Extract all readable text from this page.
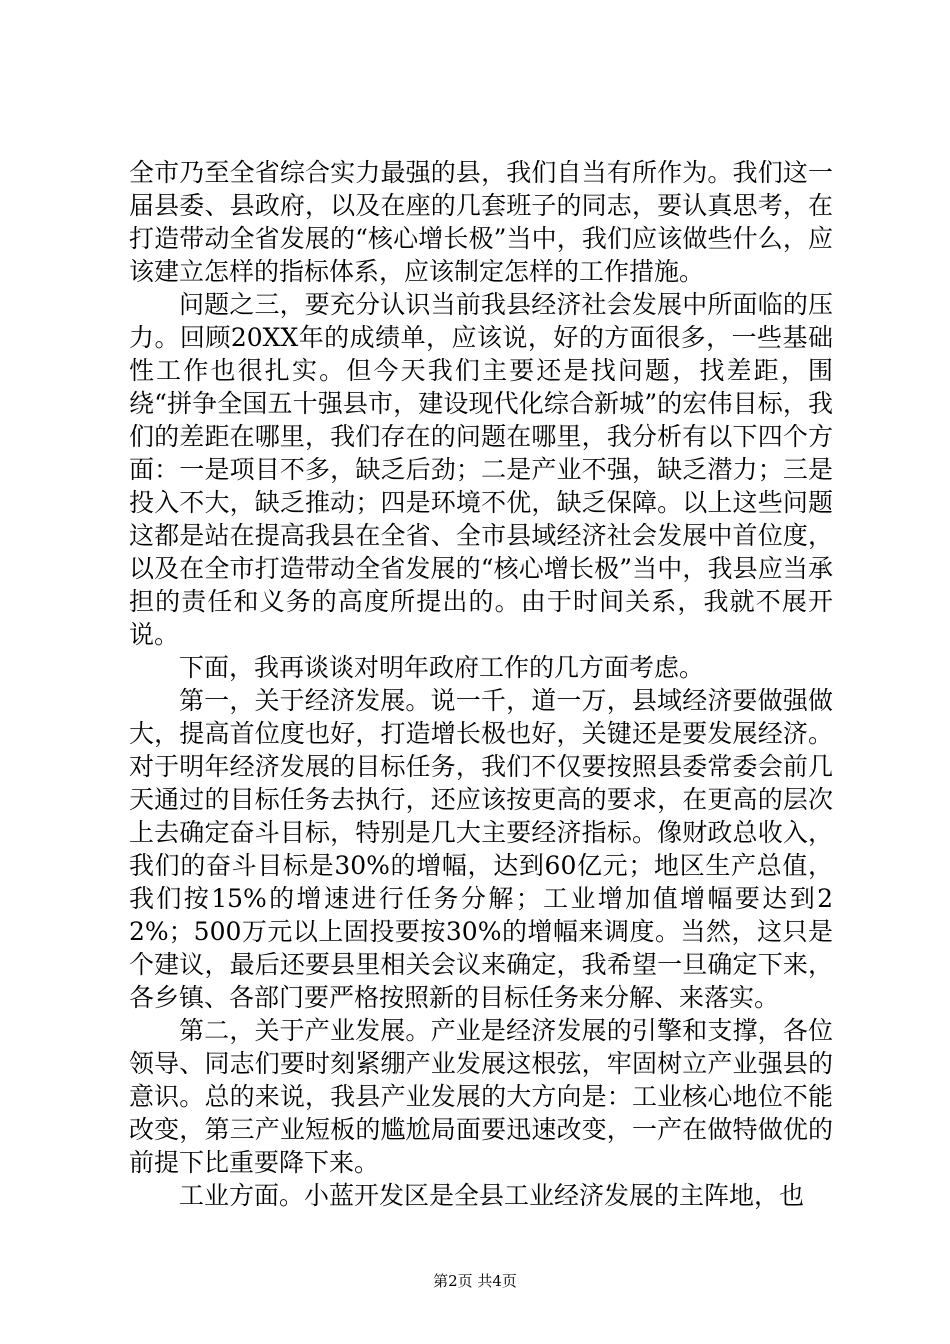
全市乃至全省综合实力最强的县，我们自当有所作为。我们这一届县委、县政府，以及在座的几套班子的同志，要认真思考，在打造带动全省发展的“核心增长极”当中，我们应该做些什么，应该建立怎样的指标体系，应该制定怎样的工作措施。

问题之三，要充分认识当前我县经济社会发展中所面临的压力。回顾20XX年的成绩单，应该说，好的方面很多，一些基础性工作也很扎实。但今天我们主要还是找问题，找差距，围绕“拼争全国五十强县市，建设现代化综合新城”的宏伟目标，我们的差距在哪里，我们存在的问题在哪里，我分析有以下四个方面：一是项目不多，缺乏后劲；二是产业不强，缺乏潜力；三是投入不大，缺乏推动；四是环境不优，缺乏保障。以上这些问题这都是站在提高我县在全省、全市县域经济社会发展中首位度，以及在全市打造带动全省发展的“核心增长极”当中，我县应当承担的责任和义务的高度所提出的。由于时间关系，我就不展开说。

下面，我再谈谈对明年政府工作的几方面考虑。

第一，关于经济发展。说一千，道一万，县域经济要做强做大，提高首位度也好，打造增长极也好，关键还是要发展经济。对于明年经济发展的目标任务，我们不仅要按照县委常委会前几天通过的目标任务去执行，还应该按更高的要求，在更高的层次上去确定奋斗目标，特别是几大主要经济指标。像财政总收入，我们的奋斗目标是30%的增幅，达到60亿元；地区生产总值，我们按15%的增速进行任务分解；工业增加值增幅要达到22%；500万元以上固投要按30%的增幅来调度。当然，这只是个建议，最后还要县里相关会议来确定，我希望一旦确定下来，各乡镇、各部门要严格按照新的目标任务来分解、来落实。

第二，关于产业发展。产业是经济发展的引擎和支撑，各位领导、同志们要时刻紧绷产业发展这根弦，牢固树立产业强县的意识。总的来说，我县产业发展的大方向是：工业核心地位不能改变，第三产业短板的尴尬局面要迅速改变，一产在做特做优的前提下比重要降下来。

工业方面。小蓝开发区是全县工业经济发展的主阵地，也

第2页 共4页
